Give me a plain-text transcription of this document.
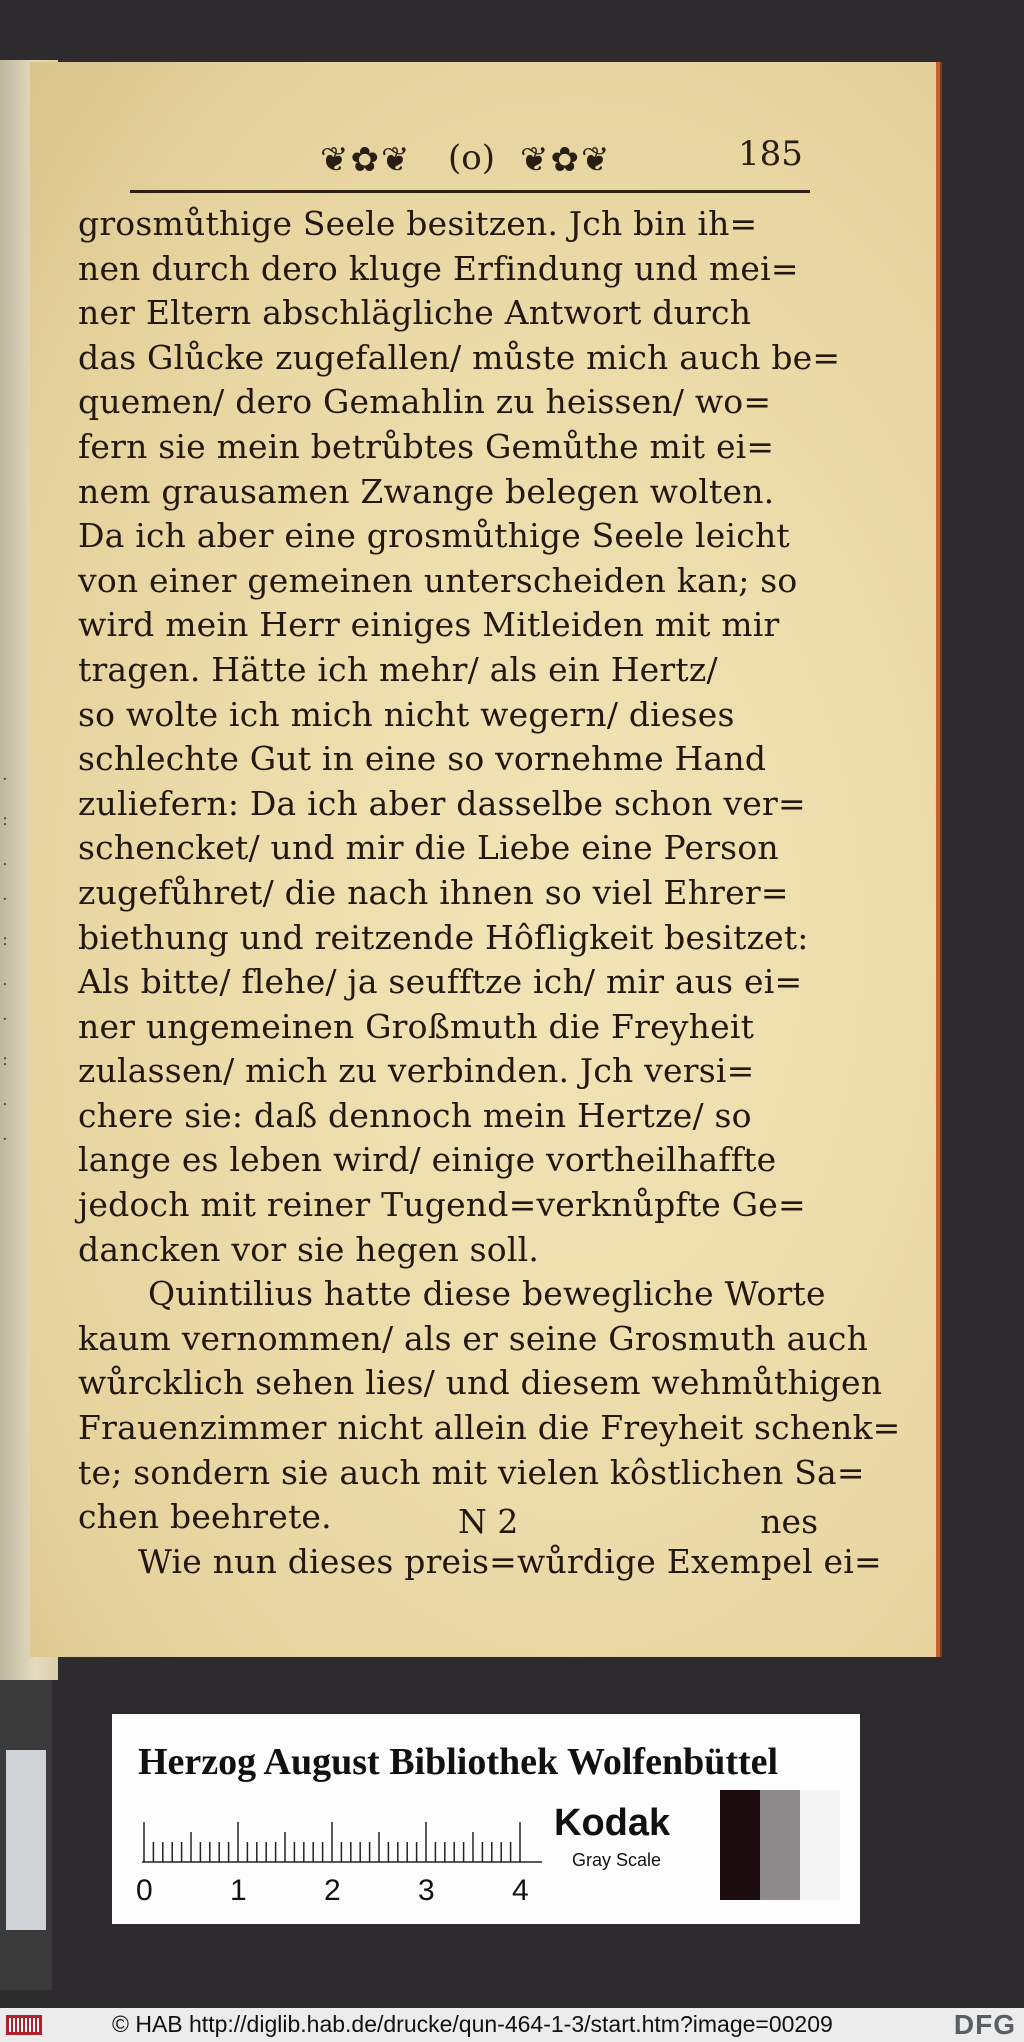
·
:
.
·
:
.
·
:
.
·
❦✿❦ (o) ❦✿❦	185
grosmůthige Seele besitzen. Jch bin ih=
nen durch dero kluge Erfindung und mei=
ner Eltern abschlägliche Antwort durch
das Glůcke zugefallen/ můste mich auch be=
quemen/ dero Gemahlin zu heissen/ wo=
fern sie mein betrůbtes Gemůthe mit ei=
nem grausamen Zwange belegen wolten.
Da ich aber eine grosmůthige Seele leicht
von einer gemeinen unterscheiden kan; so
wird mein Herr einiges Mitleiden mit mir
tragen. Hätte ich mehr/ als ein Hertz/
so wolte ich mich nicht wegern/ dieses
schlechte Gut in eine so vornehme Hand
zuliefern: Da ich aber dasselbe schon ver=
schencket/ und mir die Liebe eine Person
zugefůhret/ die nach ihnen so viel Ehrer=
biethung und reitzende Hôfligkeit besitzet:
Als bitte/ flehe/ ja seufftze ich/ mir aus ei=
ner ungemeinen Großmuth die Freyheit
zulassen/ mich zu verbinden. Jch versi=
chere sie: daß dennoch mein Hertze/ so
lange es leben wird/ einige vortheilhaffte
jedoch mit reiner Tugend=verknůpfte Ge=
dancken vor sie hegen soll.
Quintilius hatte diese bewegliche Worte
kaum vernommen/ als er seine Grosmuth auch
wůrcklich sehen lies/ und diesem wehmůthigen
Frauenzimmer nicht allein die Freyheit schenk=
te; sondern sie auch mit vielen kôstlichen Sa=
chen beehrete.
Wie nun dieses preis=wůrdige Exempel ei=
N 2	nes
Herzog August Bibliothek Wolfenbüttel
0	1	2	3	4
Kodak
Gray Scale
© HAB http://diglib.hab.de/drucke/qun-464-1-3/start.htm?image=00209	DFG
